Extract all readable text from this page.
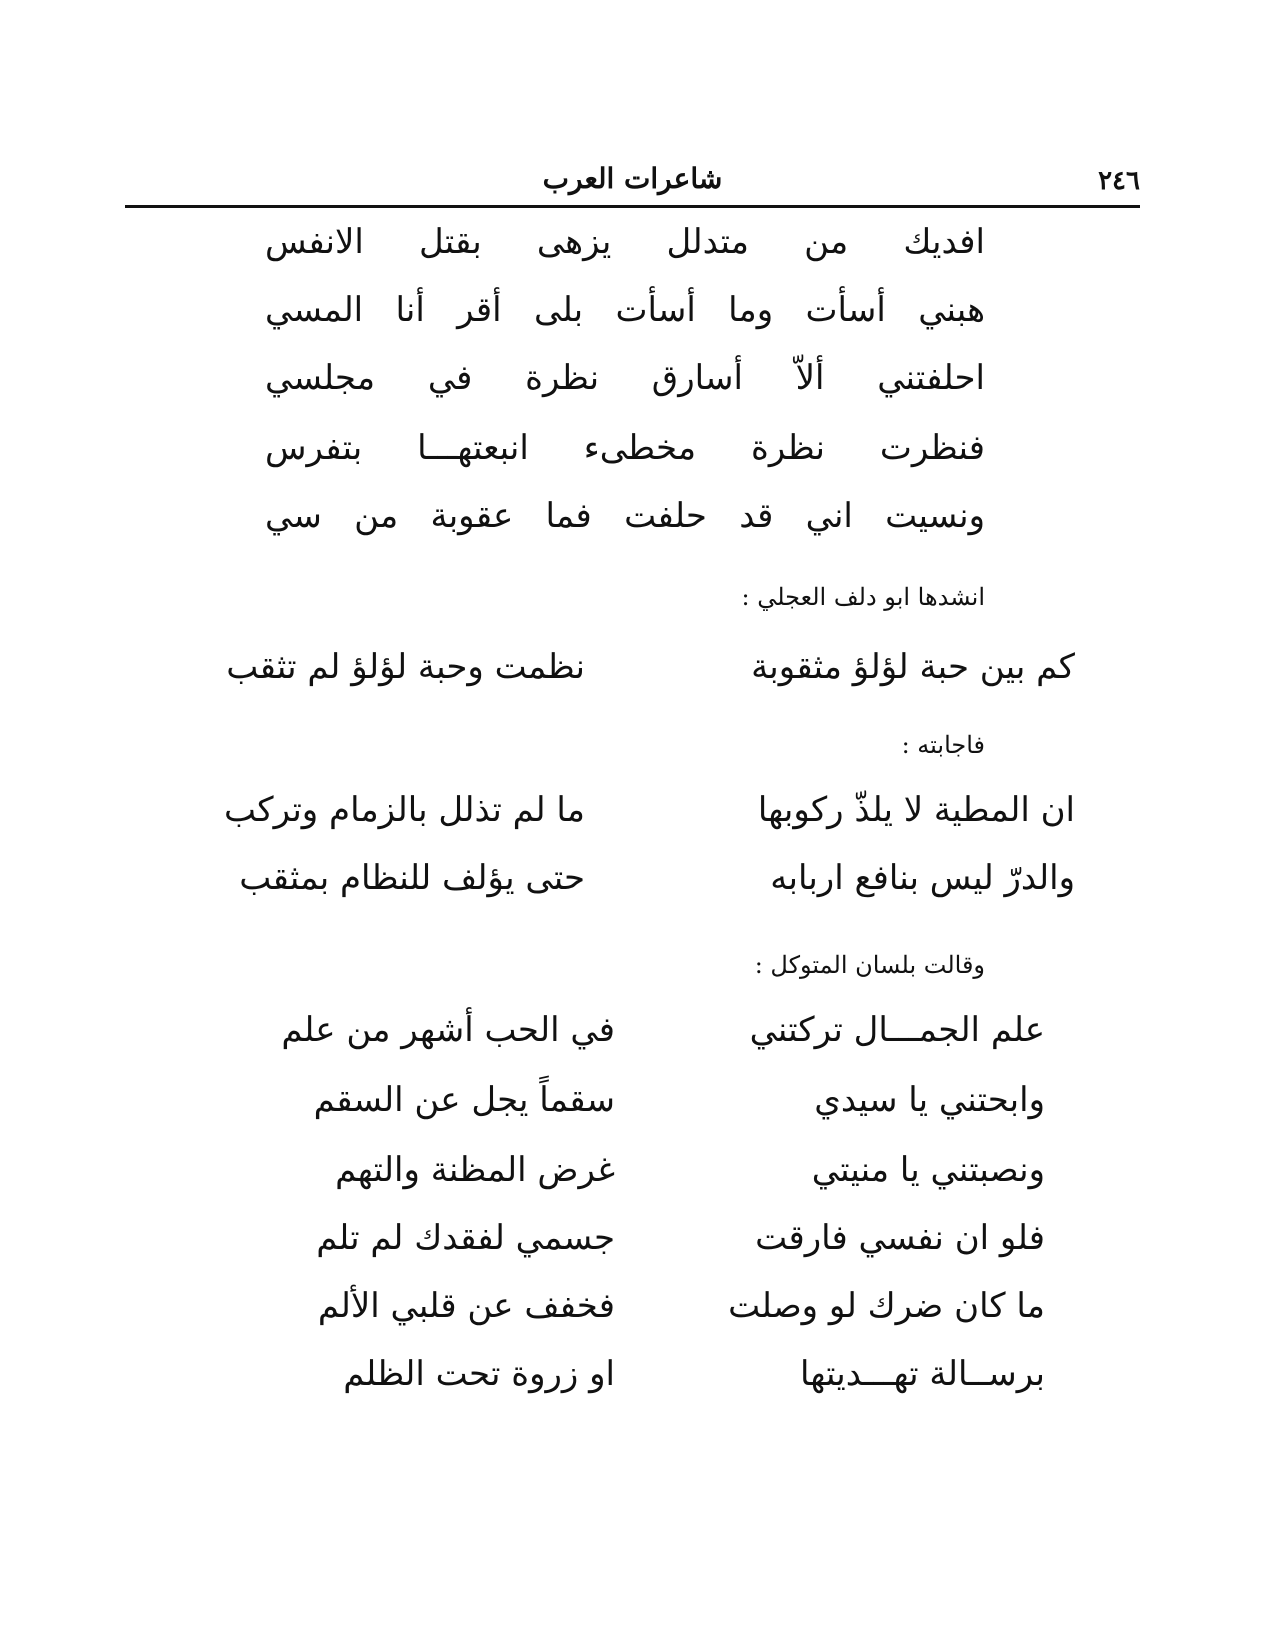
٢٤٦
شاعرات العرب
افديك من متدلل يزهى بقتل الانفس
هبني أسأت وما أسأت بلى أقر أنا المسي
احلفتني ألاّ أسارق نظرة في مجلسي
فنظرت نظرة مخطىء انبعتهـــا بتفرس
ونسيت اني قد حلفت فما عقوبة من سي
انشدها ابو دلف العجلي :
كم بين حبة لؤلؤ مثقوبة
نظمت وحبة لؤلؤ لم تثقب
فاجابته :
ان المطية لا يلذّ ركوبها
ما لم تذلل بالزمام وتركب
والدرّ ليس بنافع اربابه
حتى يؤلف للنظام بمثقب
وقالت بلسان المتوكل :
علم الجمـــال تركتني
في الحب أشهر من علم
وابحتني يا سيدي
سقماً يجل عن السقم
ونصبتني يا منيتي
غرض المظنة والتهم
فلو ان نفسي فارقت
جسمي لفقدك لم تلم
ما كان ضرك لو وصلت
فخفف عن قلبي الألم
برســالة تهـــديتها
او زروة تحت الظلم
